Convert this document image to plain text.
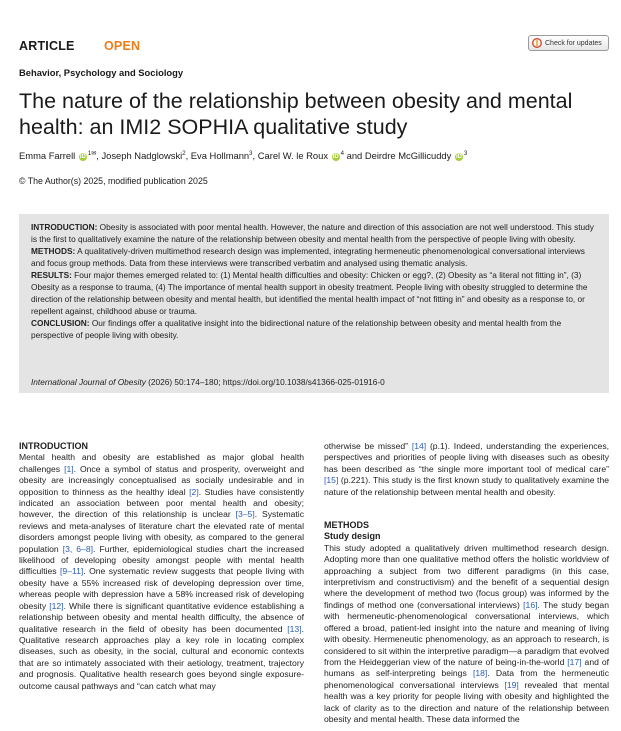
ARTICLE OPEN	Check for updates
Behavior, Psychology and Sociology
The nature of the relationship between obesity and mental health: an IMI2 SOPHIA qualitative study
Emma Farrell iD $^{1✉}$, Joseph Nadglowski$^2$, Eva Hollmann$^3$, Carel W. le Roux iD $^4$ and Deirdre McGillicuddy iD $^3$
© The Author(s) 2025, modified publication 2025

INTRODUCTION: Obesity is associated with poor mental health. However, the nature and direction of this association are not well understood. This study is the first to qualitatively examine the nature of the relationship between obesity and mental health from the perspective of people living with obesity.

METHODS: A qualitatively-driven multimethod research design was implemented, integrating hermeneutic phenomenological conversational interviews and focus group methods. Data from these interviews were transcribed verbatim and analysed using thematic analysis.

RESULTS: Four major themes emerged related to: (1) Mental health difficulties and obesity: Chicken or egg?, (2) Obesity as “a literal not fitting in”, (3) Obesity as a response to trauma, (4) The importance of mental health support in obesity treatment. People living with obesity struggled to determine the direction of the relationship between obesity and mental health, but identified the mental health impact of “not fitting in” and obesity as a response to, or repellent against, childhood abuse or trauma.

CONCLUSION: Our findings offer a qualitative insight into the bidirectional nature of the relationship between obesity and mental health from the perspective of people living with obesity.

International Journal of Obesity (2026) 50:174–180; https://doi.org/10.1038/s41366-025-01916-0
INTRODUCTION

Mental health and obesity are established as major global health challenges [1]. Once a symbol of status and prosperity, overweight and obesity are increasingly conceptualised as socially undesirable and in opposition to thinness as the healthy ideal [2]. Studies have consistently indicated an association between poor mental health and obesity; however, the direction of this relationship is unclear [3–5]. Systematic reviews and meta-analyses of literature chart the elevated rate of mental disorders amongst people living with obesity, as compared to the general population [3, 6–8]. Further, epidemiological studies chart the increased likelihood of developing obesity amongst people with mental health difficulties [9–11]. One systematic review suggests that people living with obesity have a 55% increased risk of developing depression over time, whereas people with depression have a 58% increased risk of developing obesity [12]. While there is significant quantitative evidence establishing a relationship between obesity and mental health difficulty, the absence of qualitative research in the field of obesity has been documented [13]. Qualitative research approaches play a key role in locating complex diseases, such as obesity, in the social, cultural and economic contexts that are so intimately associated with their aetiology, treatment, trajectory and prognosis. Qualitative health research goes beyond single exposure-outcome causal pathways and “can catch what may

otherwise be missed” [14] (p.1). Indeed, understanding the experiences, perspectives and priorities of people living with diseases such as obesity has been described as “the single more important tool of medical care” [15] (p.221). This study is the first known study to qualitatively examine the nature of the relationship between mental health and obesity.

METHODS
Study design

This study adopted a qualitatively driven multimethod research design. Adopting more than one qualitative method offers the holistic worldview of approaching a subject from two different paradigms (in this case, interpretivism and constructivism) and the benefit of a sequential design where the development of method two (focus group) was informed by the findings of method one (conversational interviews) [16]. The study began with hermeneutic-phenomenological conversational interviews, which offered a broad, patient-led insight into the nature and meaning of living with obesity. Hermeneutic phenomenology, as an approach to research, is considered to sit within the interpretive paradigm—a paradigm that evolved from the Heideggerian view of the nature of being-in-the-world [17] and of humans as self-interpreting beings [18]. Data from the hermeneutic phenomenological conversational interviews [19] revealed that mental health was a key priority for people living with obesity and highlighted the lack of clarity as to the direction and nature of the relationship between obesity and mental health. These data informed the
